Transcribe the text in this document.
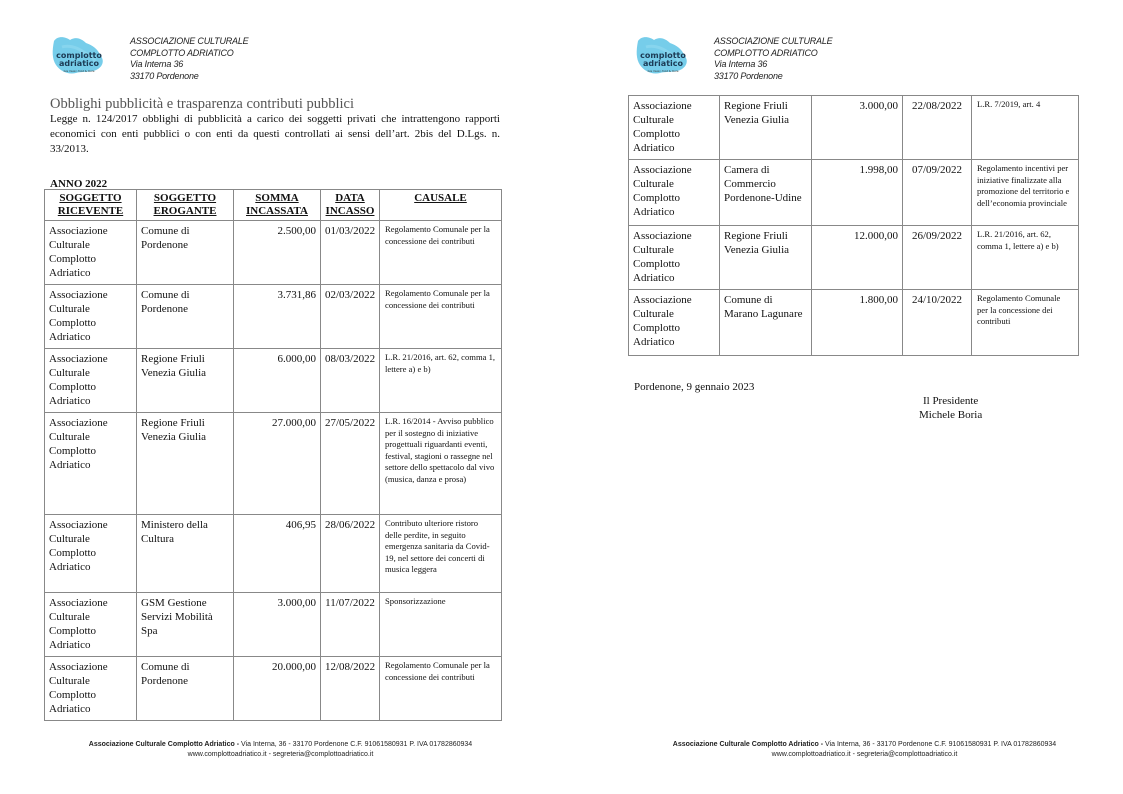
complotto
adriatico
live music, food & more
ASSOCIAZIONE CULTURALE
COMPLOTTO ADRIATICO
Via Interna 36
33170 Pordenone
Obblighi pubblicità e trasparenza contributi pubblici
Legge n. 124/2017 obblighi di pubblicità a carico dei soggetti privati che intrattengono rapporti economici con enti pubblici o con enti da questi controllati ai sensi dell’art. 2bis del D.Lgs. n. 33/2013.
ANNO 2022
SOGGETTO RICEVENTE	SOGGETTO EROGANTE	SOMMA INCASSATA	DATA INCASSO	CAUSALE
Associazione Culturale Complotto Adriatico	Comune di Pordenone	2.500,00	01/03/2022	Regolamento Comunale per la concessione dei contributi
Associazione Culturale Complotto Adriatico	Comune di Pordenone	3.731,86	02/03/2022	Regolamento Comunale per la concessione dei contributi
Associazione Culturale Complotto Adriatico	Regione Friuli Venezia Giulia	6.000,00	08/03/2022	L.R. 21/2016, art. 62, comma 1, lettere a) e b)
Associazione Culturale Complotto Adriatico	Regione Friuli Venezia Giulia	27.000,00	27/05/2022	L.R. 16/2014 - Avviso pubblico per il sostegno di iniziative progettuali riguardanti eventi, festival, stagioni o rassegne nel settore dello spettacolo dal vivo (musica, danza e prosa)
Associazione Culturale Complotto Adriatico	Ministero della Cultura	406,95	28/06/2022	Contributo ulteriore ristoro delle perdite, in seguito emergenza sanitaria da Covid-19, nel settore dei concerti di musica leggera
Associazione Culturale Complotto Adriatico	GSM Gestione Servizi Mobilità Spa	3.000,00	11/07/2022	Sponsorizzazione
Associazione Culturale Complotto Adriatico	Comune di Pordenone	20.000,00	12/08/2022	Regolamento Comunale per la concessione dei contributi
Associazione Culturale Complotto Adriatico - Via Interna, 36 - 33170 Pordenone C.F. 91061580931 P. IVA 01782860934
www.complottoadriatico.it - segreteria@complottoadriatico.it
complotto
adriatico
live music, food & more
ASSOCIAZIONE CULTURALE
COMPLOTTO ADRIATICO
Via Interna 36
33170 Pordenone
Associazione Culturale Complotto Adriatico	Regione Friuli Venezia Giulia	3.000,00	22/08/2022	L.R. 7/2019, art. 4
Associazione Culturale Complotto Adriatico	Camera di Commercio Pordenone-Udine	1.998,00	07/09/2022	Regolamento incentivi per iniziative finalizzate alla promozione del territorio e dell’economia provinciale
Associazione Culturale Complotto Adriatico	Regione Friuli Venezia Giulia	12.000,00	26/09/2022	L.R. 21/2016, art. 62, comma 1, lettere a) e b)
Associazione Culturale Complotto Adriatico	Comune di Marano Lagunare	1.800,00	24/10/2022	Regolamento Comunale per la concessione dei contributi
Pordenone, 9 gennaio 2023
Il Presidente
Michele Boria
Associazione Culturale Complotto Adriatico - Via Interna, 36 - 33170 Pordenone C.F. 91061580931 P. IVA 01782860934
www.complottoadriatico.it - segreteria@complottoadriatico.it
